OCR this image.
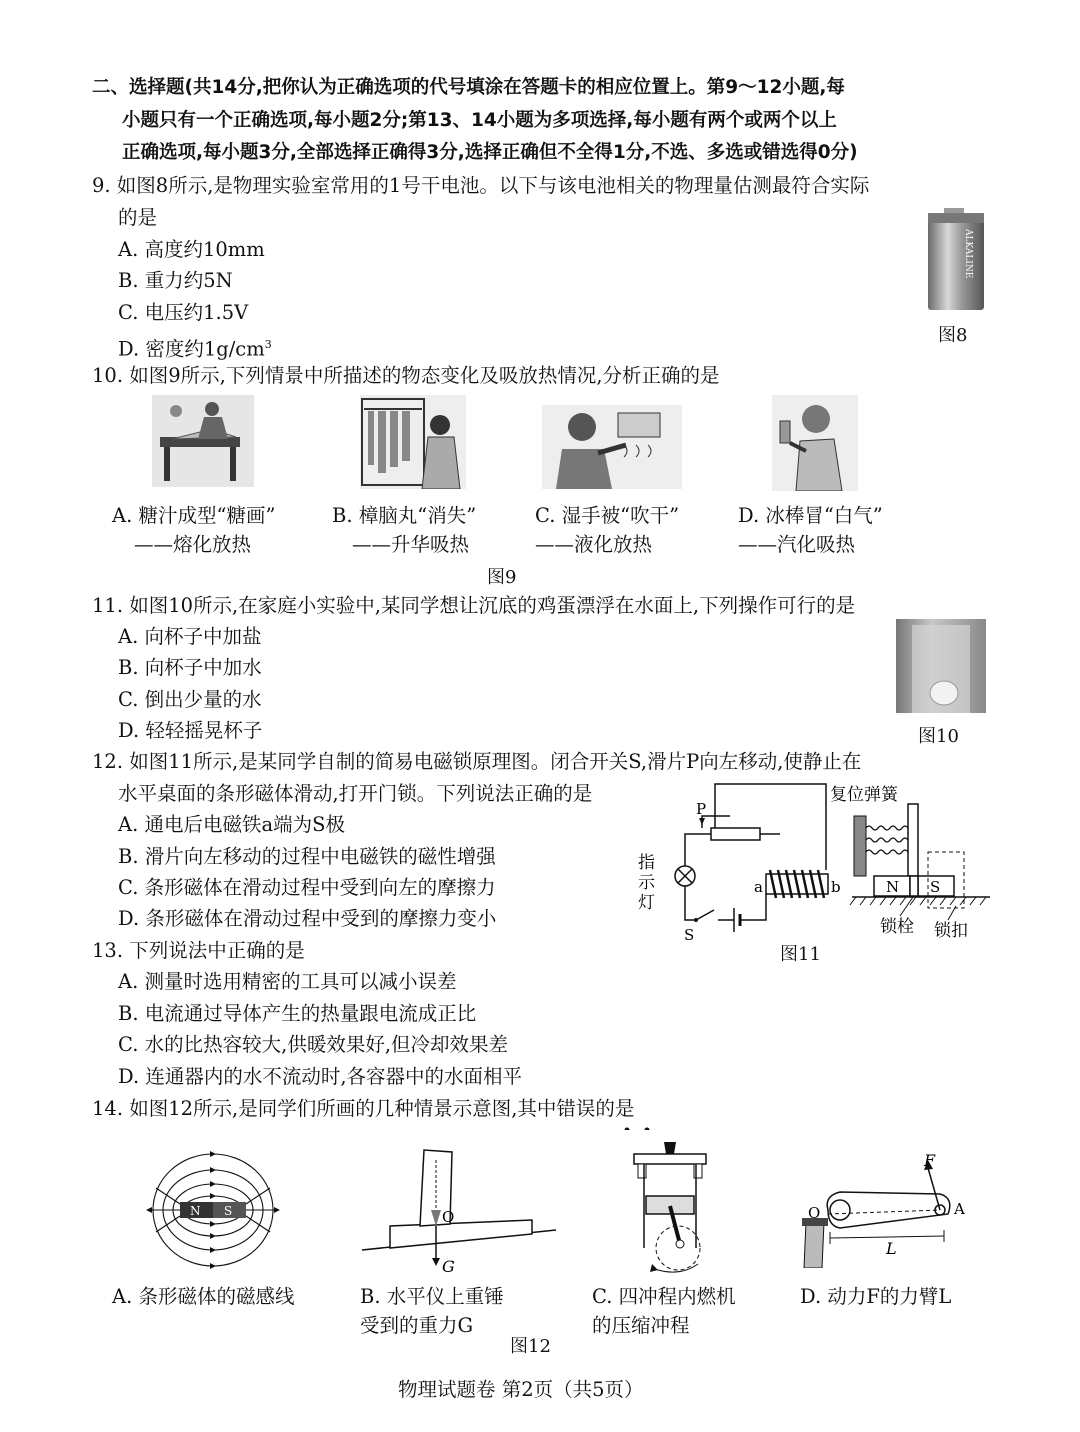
二、选择题(共14分,把你认为正确选项的代号填涂在答题卡的相应位置上。第9～12小题,每
小题只有一个正确选项,每小题2分;第13、14小题为多项选择,每小题有两个或两个以上
正确选项,每小题3分,全部选择正确得3分,选择正确但不全得1分,不选、多选或错选得0分)
9. 如图8所示,是物理实验室常用的1号干电池。以下与该电池相关的物理量估测最符合实际
的是
A. 高度约10mm
B. 重力约5N
C. 电压约1.5V
D. 密度约$1g/cm^3$
ALKALINE
图8
10. 如图9所示,下列情景中所描述的物态变化及吸放热情况,分析正确的是
A. 糖汁成型“糖画”
——熔化放热
B. 樟脑丸“消失”
——升华吸热
C. 湿手被“吹干”
——液化放热
D. 冰棒冒“白气”
——汽化吸热
图9
11. 如图10所示,在家庭小实验中,某同学想让沉底的鸡蛋漂浮在水面上,下列操作可行的是
A. 向杯子中加盐
B. 向杯子中加水
C. 倒出少量的水
D. 轻轻摇晃杯子	图10
12. 如图11所示,是某同学自制的简易电磁锁原理图。闭合开关S,滑片P向左移动,使静止在
水平桌面的条形磁体滑动,打开门锁。下列说法正确的是
A. 通电后电磁铁a端为S极
B. 滑片向左移动的过程中电磁铁的磁性增强
C. 条形磁体在滑动过程中受到向左的摩擦力
D. 条形磁体在滑动过程中受到的摩擦力变小
P
S
指
示
灯
a	b
复位弹簧
N S
锁栓 锁扣
图11
13. 下列说法中正确的是
A. 测量时选用精密的工具可以减小误差
B. 电流通过导体产生的热量跟电流成正比
C. 水的比热容较大,供暖效果好,但冷却效果差
D. 连通器内的水不流动时,各容器中的水面相平
14. 如图12所示,是同学们所画的几种情景示意图,其中错误的是
N S	O
G
F
O	A
L
A. 条形磁体的磁感线	B. 水平仪上重锤
受到的重力G
C. 四冲程内燃机
的压缩冲程
D. 动力F的力臂L
图12
物理试题卷 第2页（共5页）
